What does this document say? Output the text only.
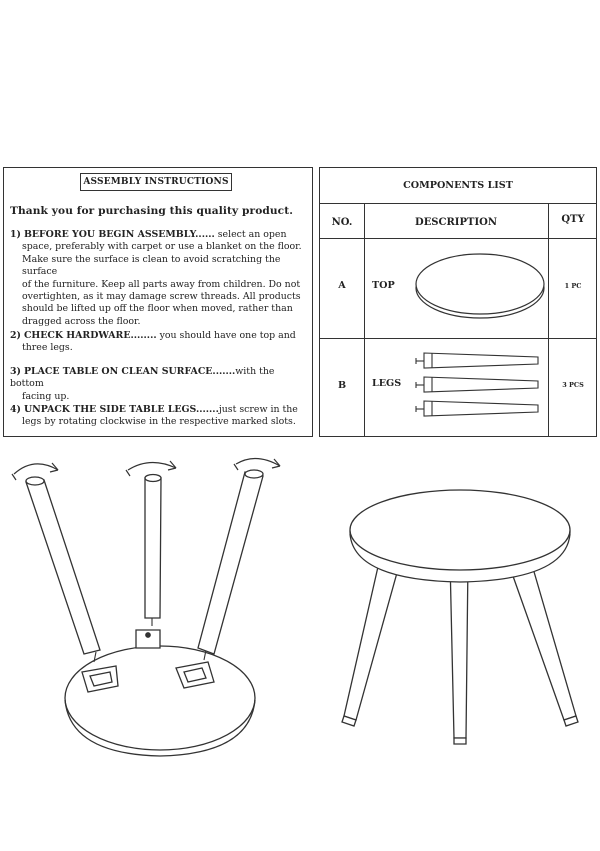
ASSEMBLY INSTRUCTIONS
Thank you for purchasing this quality product.
1) BEFORE YOU BEGIN ASSEMBLY...... select an open
space, preferably with carpet or use a blanket on the floor.
Make sure the surface is clean to avoid scratching the surface
of the furniture. Keep all parts away from children. Do not
overtighten, as it may damage screw threads. All products
should be lifted up off the floor when moved, rather than
dragged across the floor.
2) CHECK HARDWARE........ you should have one top and
three legs.
3) PLACE TABLE ON CLEAN SURFACE.......with the bottom
facing up.
4) UNPACK THE SIDE TABLE LEGS.......just screw in the
legs by rotating clockwise in the respective marked slots.
COMPONENTS LIST
NO.	DESCRIPTION	QTY
A	TOP	1 PC
B	LEGS	3 PCS
